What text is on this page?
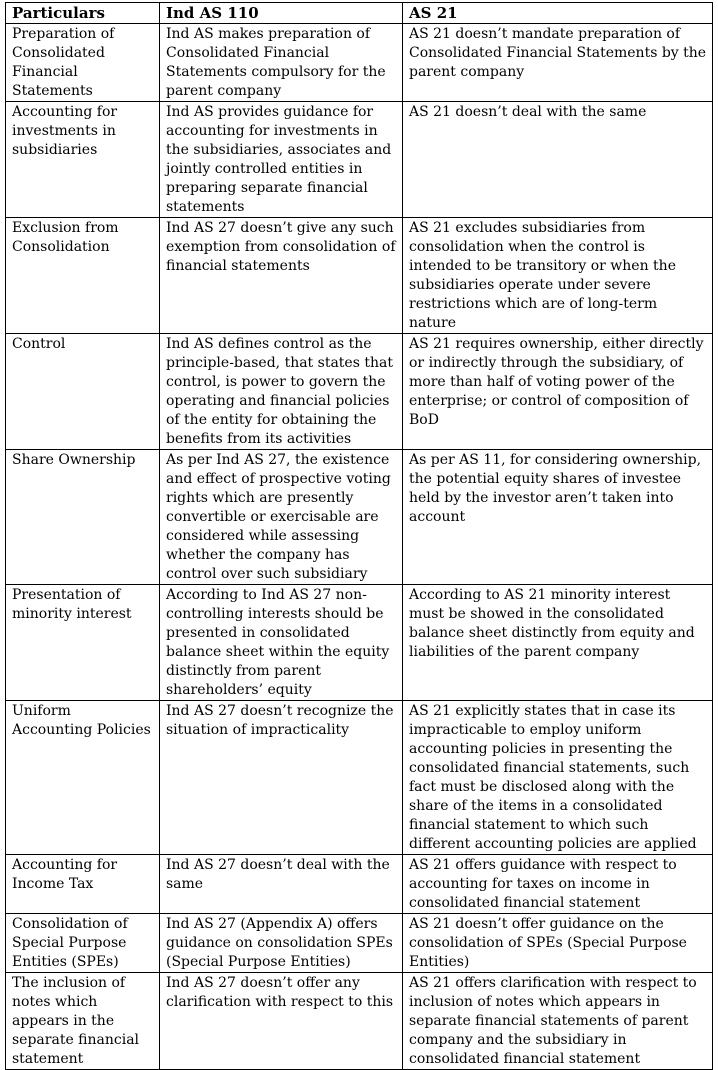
Particulars	Ind AS 110	AS 21
Preparation of Consolidated Financial Statements	Ind AS makes preparation of Consolidated Financial Statements compulsory for the parent company	AS 21 doesn’t mandate preparation of Consolidated Financial Statements by the parent company
Accounting for investments in subsidiaries	Ind AS provides guidance for accounting for investments in the subsidiaries, associates and jointly controlled entities in preparing separate financial statements	AS 21 doesn’t deal with the same
Exclusion from Consolidation	Ind AS 27 doesn’t give any such exemption from consolidation of financial statements	AS 21 excludes subsidiaries from consolidation when the control is intended to be transitory or when the subsidiaries operate under severe restrictions which are of long-term nature
Control	Ind AS defines control as the principle-based, that states that control, is power to govern the operating and financial policies of the entity for obtaining the benefits from its activities	AS 21 requires ownership, either directly or indirectly through the subsidiary, of more than half of voting power of the enterprise; or control of composition of BoD
Share Ownership	As per Ind AS 27, the existence and effect of prospective voting rights which are presently convertible or exercisable are considered while assessing whether the company has control over such subsidiary	As per AS 11, for considering ownership, the potential equity shares of investee held by the investor aren’t taken into account
Presentation of minority interest	According to Ind AS 27 non-controlling interests should be presented in consolidated balance sheet within the equity distinctly from parent shareholders’ equity	According to AS 21 minority interest must be showed in the consolidated balance sheet distinctly from equity and liabilities of the parent company
Uniform Accounting Policies	Ind AS 27 doesn’t recognize the situation of impracticality	AS 21 explicitly states that in case its impracticable to employ uniform accounting policies in presenting the consolidated financial statements, such fact must be disclosed along with the share of the items in a consolidated financial statement to which such different accounting policies are applied
Accounting for Income Tax	Ind AS 27 doesn’t deal with the same	AS 21 offers guidance with respect to accounting for taxes on income in consolidated financial statement
Consolidation of Special Purpose Entities (SPEs)	Ind AS 27 (Appendix A) offers guidance on consolidation SPEs (Special Purpose Entities)	AS 21 doesn’t offer guidance on the consolidation of SPEs (Special Purpose Entities)
The inclusion of notes which appears in the separate financial statement	Ind AS 27 doesn’t offer any clarification with respect to this	AS 21 offers clarification with respect to inclusion of notes which appears in separate financial statements of parent company and the subsidiary in consolidated financial statement
